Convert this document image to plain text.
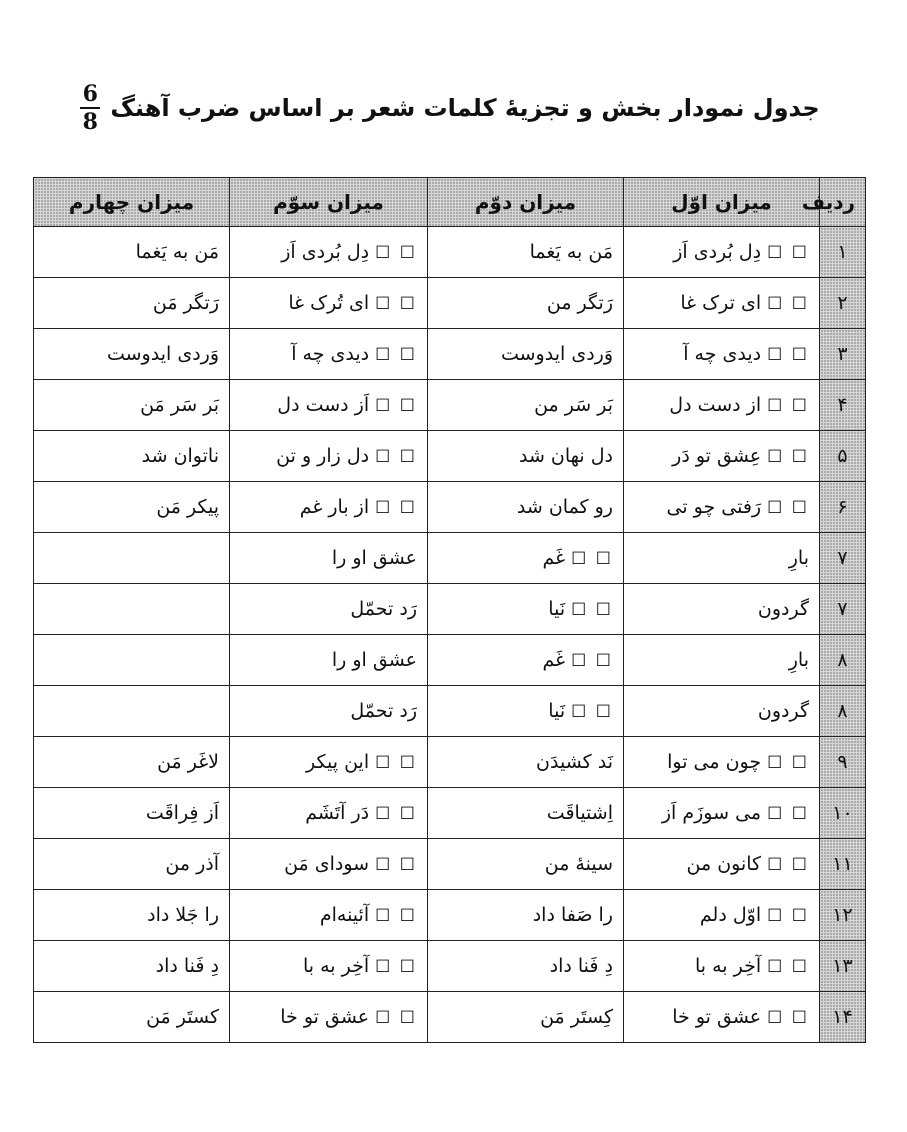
جدول نمودار بخش و تجزیهٔ کلمات شعر بر اساس ضرب آهنگ
$\frac{6}{8}$
ردیف	میزان اوّل	میزان دوّم	میزان سوّم	میزان چهارم
۱	☐ ☐دِل بُردی اَز	مَن به یَغما	☐ ☐دِل بُردی اَز	مَن به یَغما
۲	☐ ☐ای ترک غا	رَتگر من	☐ ☐ای تُرک غا	رَتگر مَن
۳	☐ ☐دیدی چه آ	وَردی ایدوست	☐ ☐دیدی چه آ	وَردی ایدوست
۴	☐ ☐از دست دل	بَر سَر من	☐ ☐اَز دست دل	بَر سَر مَن
۵	☐ ☐عِشق تو دَر	دل نهان شد	☐ ☐دل زار و تن	ناتوان شد
۶	☐ ☐رَفتی چو تی	رو کمان شد	☐ ☐از بار غم	پیکر مَن
۷	بارِ	☐ ☐غَم	عشق او را	
۷	گردون	☐ ☐نَیا	رَد تحمّل	
۸	بارِ	☐ ☐غَم	عشق او را	
۸	گردون	☐ ☐نَیا	رَد تحمّل	
۹	☐ ☐چون می توا	نَد کشیدَن	☐ ☐این پیکر	لاغَر مَن
۱۰	☐ ☐می سوزَم اَز	اِشتیاقَت	☐ ☐دَر آتَشَم	اَز فِراقَت
۱۱	☐ ☐کانون من	سینهٔ من	☐ ☐سودای مَن	آذر من
۱۲	☐ ☐اوّل دلم	را صَفا داد	☐ ☐آئینه‌ام	را جَلا داد
۱۳	☐ ☐آخِر به با	دِ فَنا داد	☐ ☐آخِر به با	دِ فَنا داد
۱۴	☐ ☐عشق تو خا	کِستَر مَن	☐ ☐عشق تو خا	کستَر مَن
